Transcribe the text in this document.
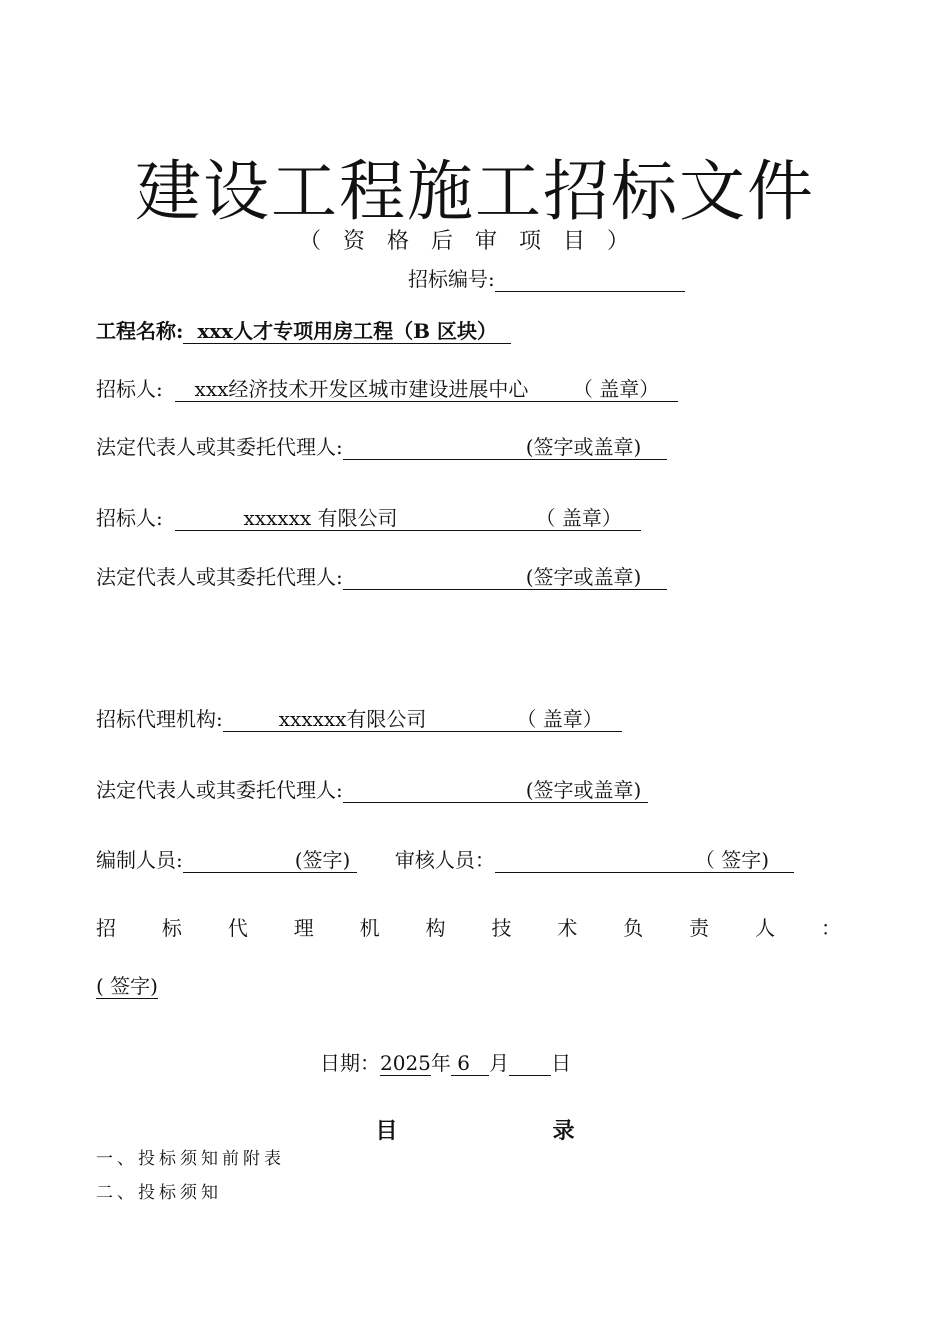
建设工程施工招标文件
（资格后审项目）
招标编号:
工程名称: xxx人才专项用房工程（B 区块）
招标人: xxx经济技术开发区城市建设进展中心 （ 盖章）
法定代表人或其委托代理人:	(签字或盖章)
招标人:	xxxxxx 有限公司	（ 盖章）
法定代表人或其委托代理人:	(签字或盖章)
招标代理机构:	xxxxxx有限公司	（ 盖章）
法定代表人或其委托代理人:	(签字或盖章)
编制人员:	(签字) 审核人员：	（ 签字)
招 标 代 理 机 构 技 术 负 责 人 ：
( 签字)
日期：2025年 6 月 日
目	录
一、投标须知前附表
二、投标须知
